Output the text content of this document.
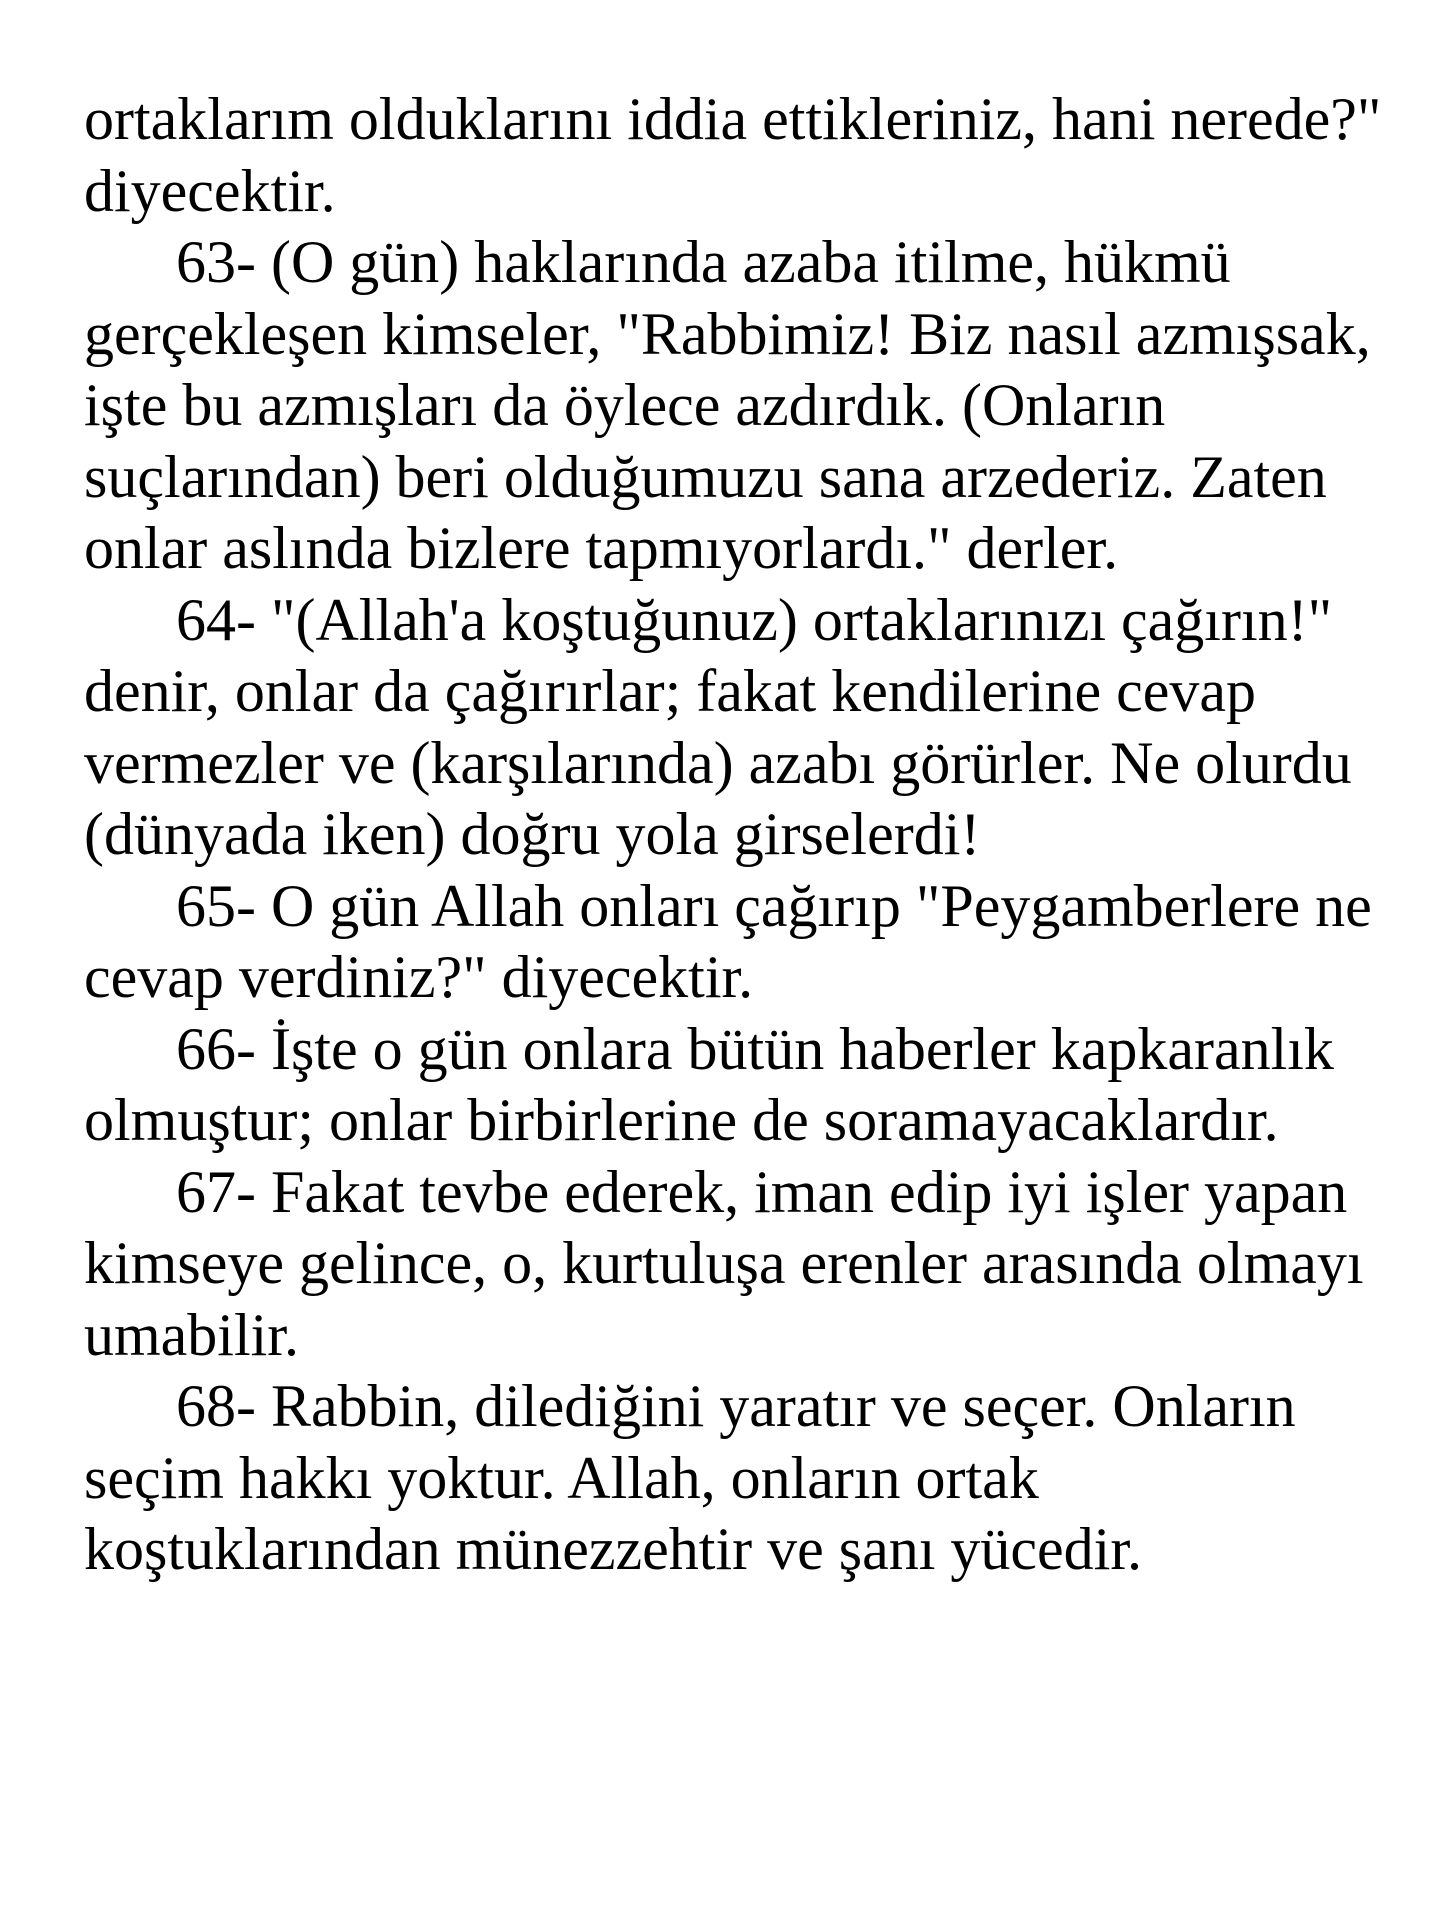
ortaklarım olduklarını iddia ettikleriniz, hani nerede?" diyecektir.

63- (O gün) haklarında azaba itilme, hükmü gerçekleşen kimseler, "Rabbimiz! Biz nasıl azmışsak, işte bu azmışları da öylece azdırdık. (Onların suçlarından) beri olduğumuzu sana arzederiz. Zaten onlar aslında bizlere tapmıyorlardı." derler.

64- "(Allah'a koştuğunuz) ortaklarınızı çağırın!" denir, onlar da çağırırlar; fakat kendilerine cevap vermezler ve (karşılarında) azabı görürler. Ne olurdu (dünyada iken) doğru yola girselerdi!

65- O gün Allah onları çağırıp "Peygamberlere ne cevap verdiniz?" diyecektir.

66- İşte o gün onlara bütün haberler kapkaranlık olmuştur; onlar birbirlerine de soramayacaklardır.

67- Fakat tevbe ederek, iman edip iyi işler yapan kimseye gelince, o, kurtuluşa erenler arasında olmayı umabilir.

68- Rabbin, dilediğini yaratır ve seçer. Onların seçim hakkı yoktur. Allah, onların ortak koştuklarından münezzehtir ve şanı yücedir.
